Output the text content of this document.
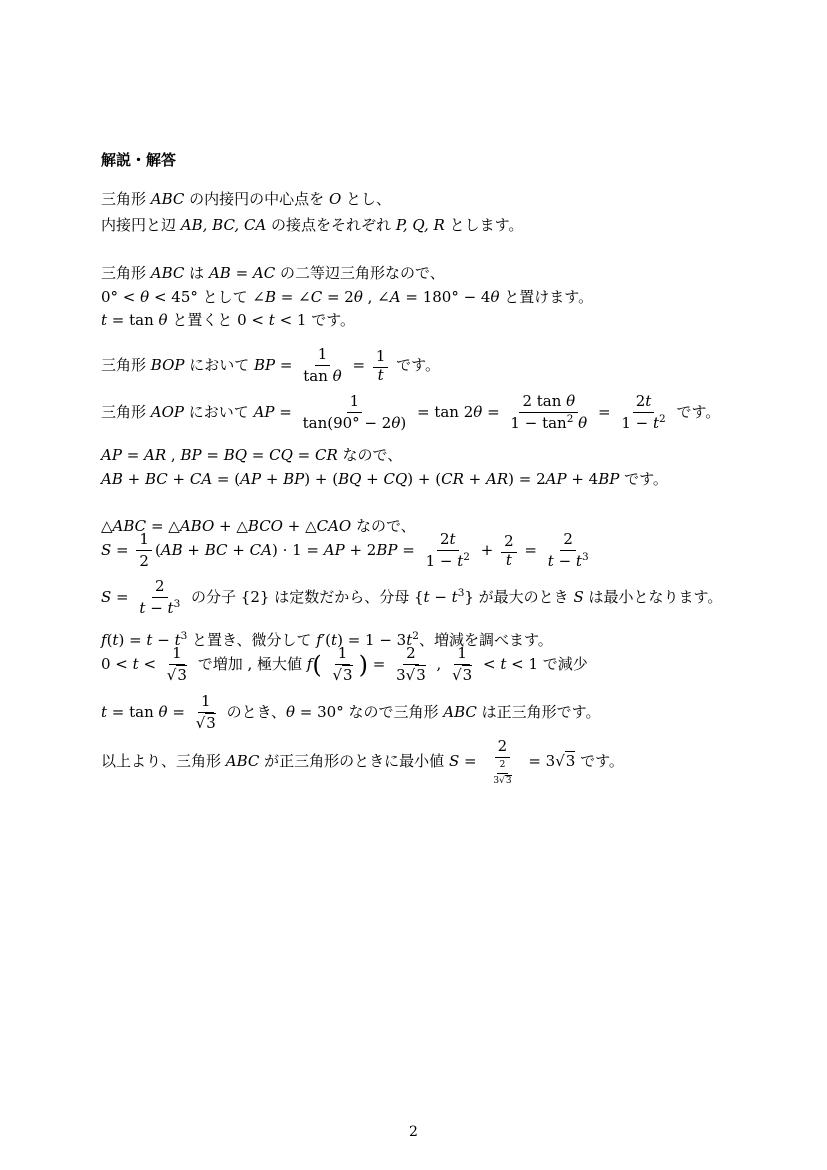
解説・解答
三角形 ABC の内接円の中心点を O とし、
内接円と辺 AB, BC, CA の接点をそれぞれ P, Q, R とします。
三角形 ABC は AB = AC の二等辺三角形なので、
0° < θ < 45° として ∠B = ∠C = 2θ , ∠A = 180° − 4θ と置けます。
t = tan θ と置くと 0 < t < 1 です。
三角形 BOP において BP = $\frac{1}{\text{tan θ}} = \frac{1}{t}$ です。
三角形 AOP において AP = $\frac{1}{\tan(90^\circ - 2\theta)} = \tan 2\theta = \frac{\text{2 tan θ}}{1 - \tan^2 \theta} = \frac{2t}{1 - t^2}$ です。
AP = AR , BP = BQ = CQ = CR なので、
AB + BC + CA = (AP + BP) + (BQ + CQ) + (CR + AR) = 2AP + 4BP です。
△ABC = △ABO + △BCO + △CAO なので、
$S = \frac{1}{2} (AB$ + BC + CA) · 1 = AP + $2BP = \frac{2t}{1 - t^2} + \frac{2}{t} = \frac{2}{t - t^3}$
$S = \frac{2}{t - t^3}$ の分子 {2} は定数だから、分母 $\{t - t^3\}$ が最大のとき S は最小となります。
$f(t) = t - t^3$ と置き、微分して $f'(t) = 1 - 3t^2$、増減を調べます。
$0 < t < \frac{1}{√3}$ で増加 , 極大値 $f( \frac{1}{√3}$ ) = $\frac{2}{3√3}$ , $\frac{1}{√3} < t < 1$ で減少
$t = \tan \theta = \frac{1}{√3}$ のとき、θ = 30° なので三角形 ABC は正三角形です。
以上より、三角形 ABC が正三角形のときに最小値 $S = \frac{2}{\frac{2}{3√3}} = 3√3$ です。
2
